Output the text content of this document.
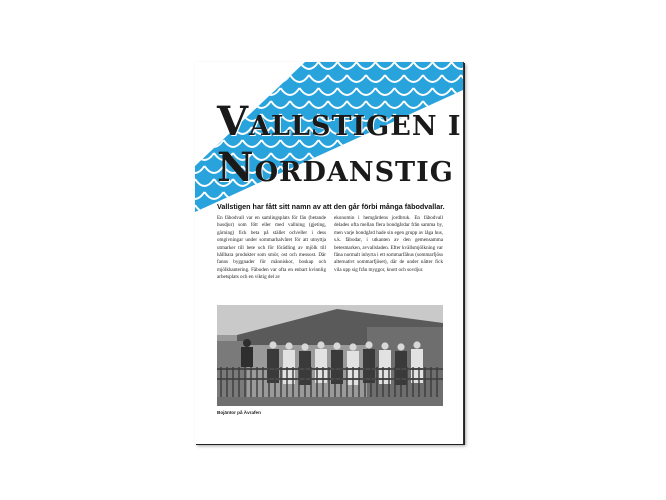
VALLSTIGEN I
NORDANSTIG
Vallstigen har fått sitt namn av att den går förbi många fäbodvallar.

En fäbodvall var en samlingsplats för fän (betande husdjur) som fött eller med vallning (gjeting, gärning) fick beta på stället och/eller i dess omgivningar under sommarhalvåret för att utnyttja utmarker till bete och för förädling av mjölk till hållbara produkter som smör, ost och messost. Där fanns byggnader för människor, boskap och mjölkhantering. Fäboden var ofta en enbart kvinnlig arbetsplats och en viktig del av

ekonomin i hemgårdens jordbruk. En fäbodvall delades ofta mellan flera bondgårdar från samma by, men varje bondgård hade sin egen grupp av låga hus, s.k. fäbodar, i utkanten av den gemensamma betesmarken, avvallsladen. Efter kvällsmjölkning var fåna normalt inhyrta i ett sommarfähus (sommarfjöss alternativt sommarfjöset), där de under nätter fick vila upp sig från myggor, knott och sovdjur.

Bojäntor på Ävrafen
